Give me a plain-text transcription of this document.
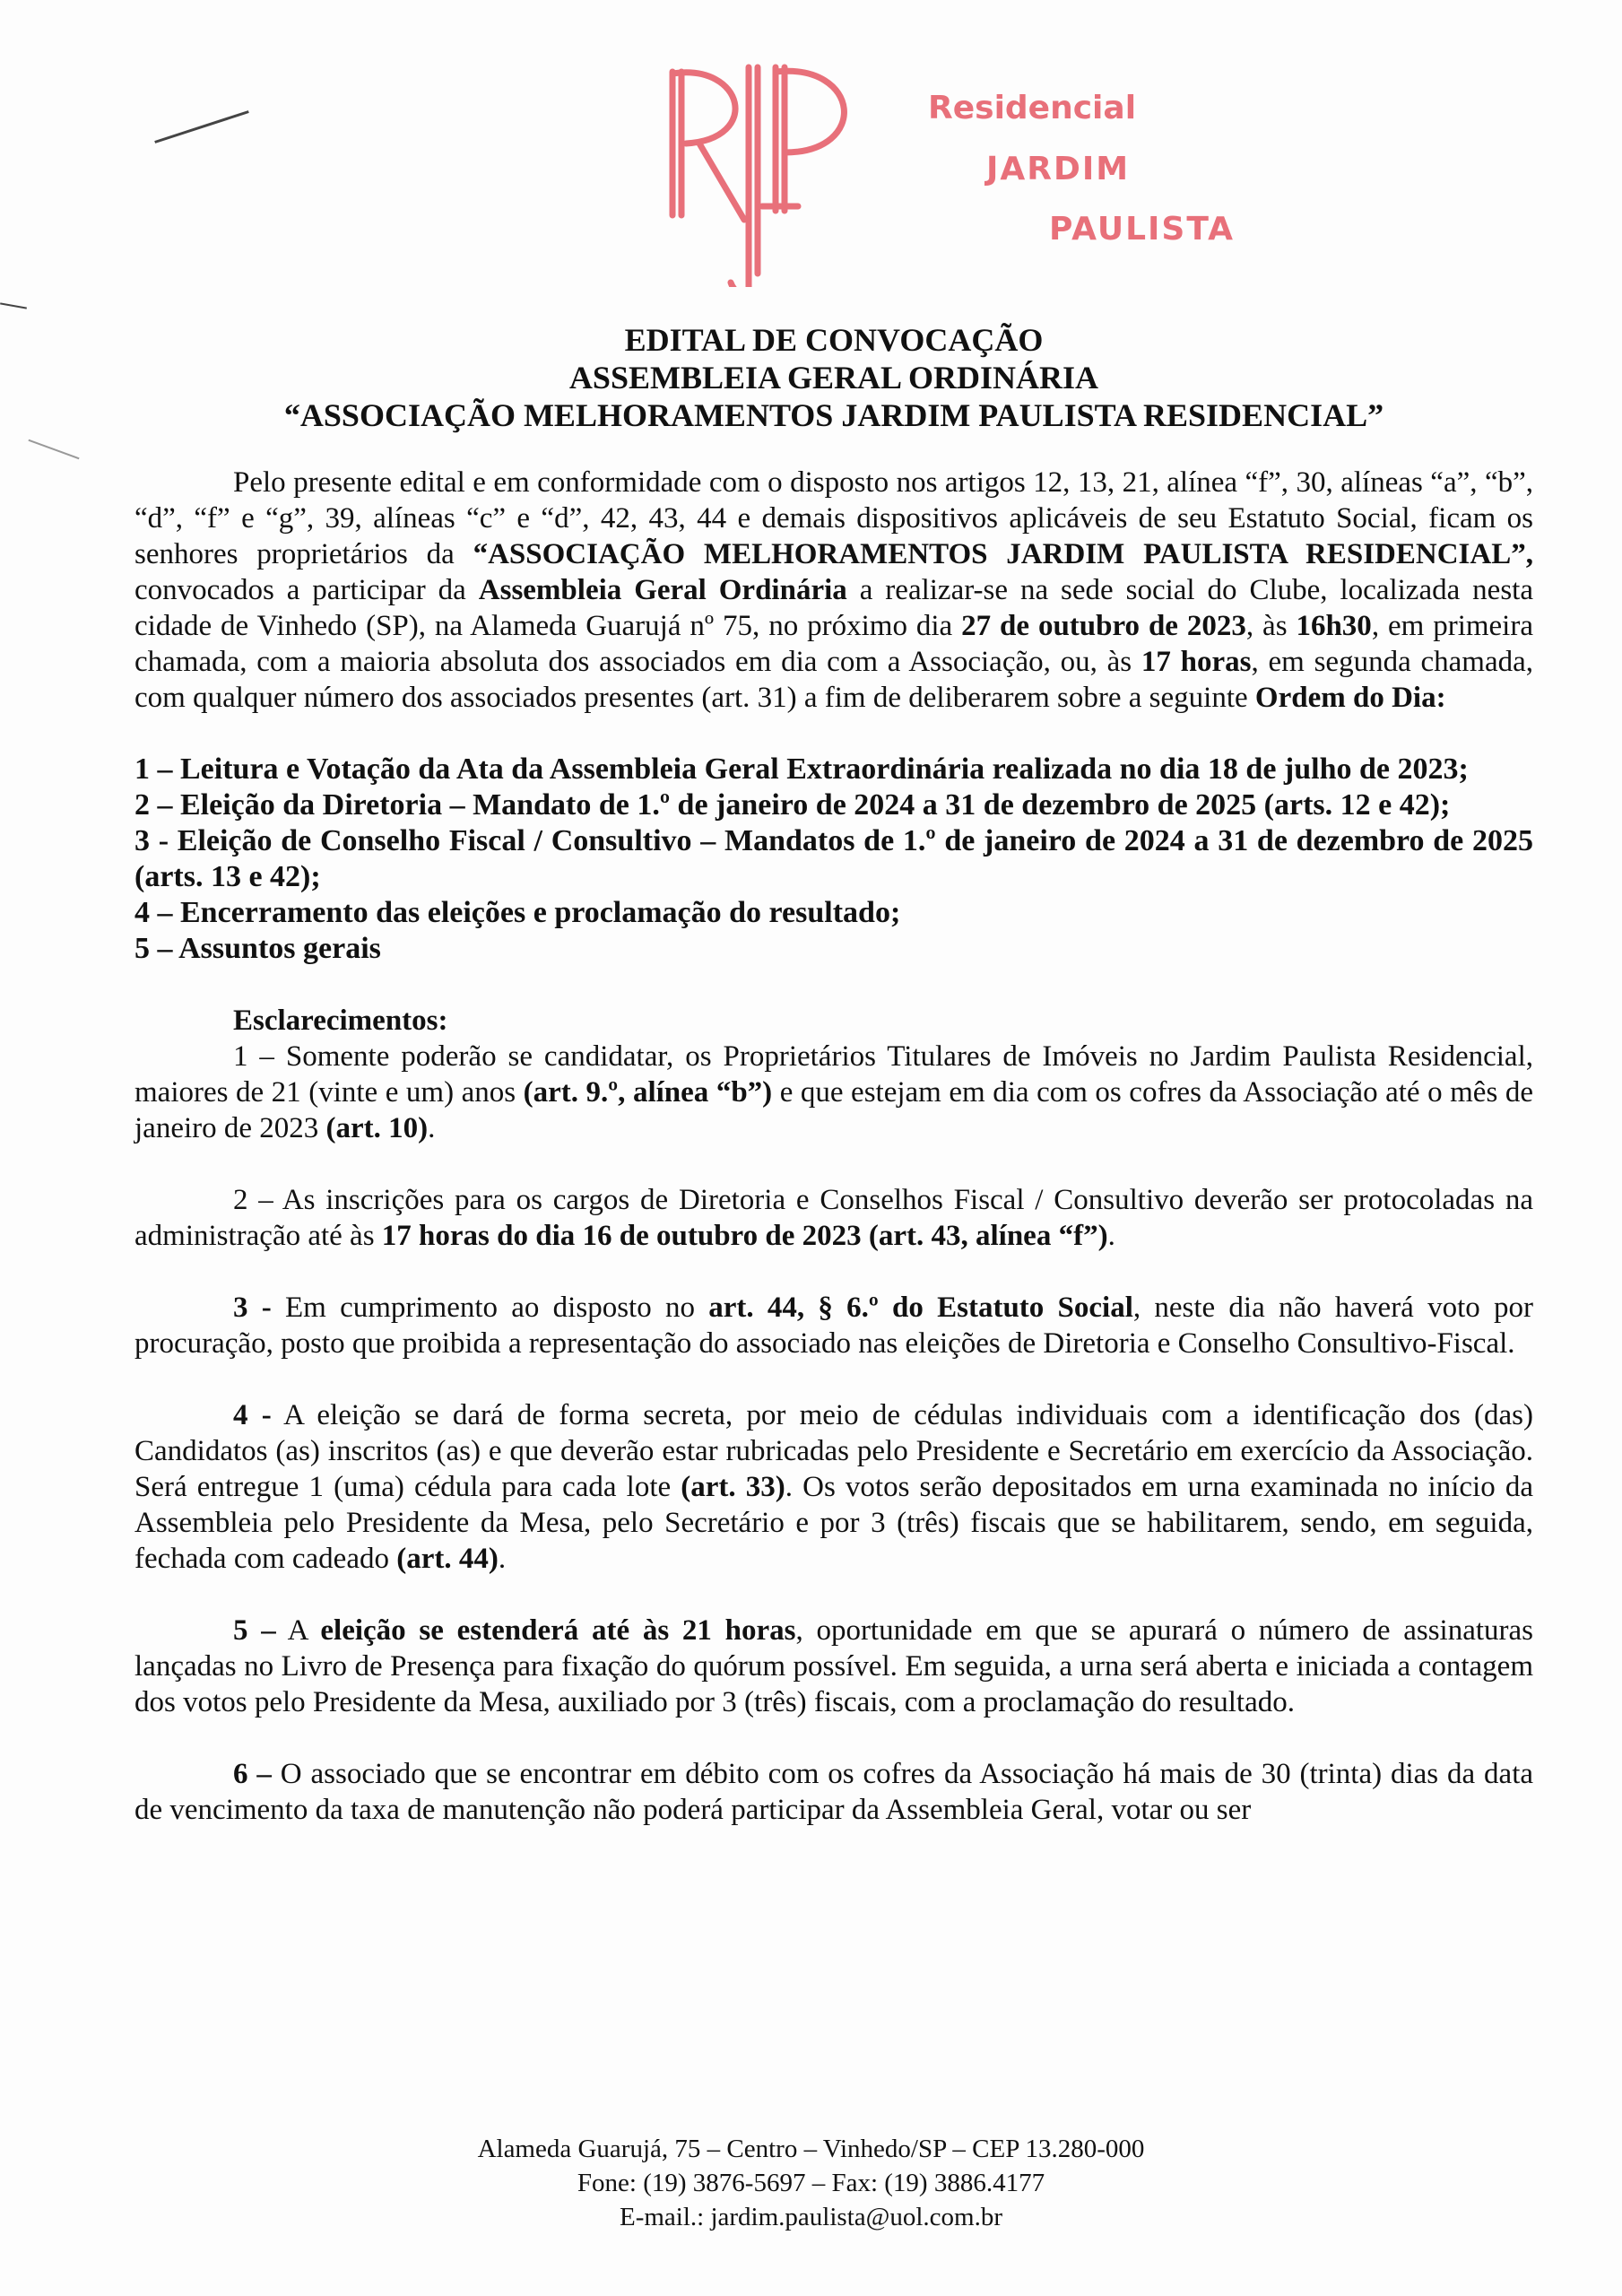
Residencial
JARDIM
PAULISTA
EDITAL DE CONVOCAÇÃO
ASSEMBLEIA GERAL ORDINÁRIA
“ASSOCIAÇÃO MELHORAMENTOS JARDIM PAULISTA RESIDENCIAL”

Pelo presente edital e em conformidade com o disposto nos artigos 12, 13, 21, alínea “f”, 30, alíneas “a”, “b”, “d”, “f” e “g”, 39, alíneas “c” e “d”, 42, 43, 44 e demais dispositivos aplicáveis de seu Estatuto Social, ficam os senhores proprietários da “ASSOCIAÇÃO MELHORAMENTOS JARDIM PAULISTA RESIDENCIAL”, convocados a participar da Assembleia Geral Ordinária a realizar-se na sede social do Clube, localizada nesta cidade de Vinhedo (SP), na Alameda Guarujá nº 75, no próximo dia 27 de outubro de 2023, às 16h30, em primeira chamada, com a maioria absoluta dos associados em dia com a Associação, ou, às 17 horas, em segunda chamada, com qualquer número dos associados presentes (art. 31) a fim de deliberarem sobre a seguinte Ordem do Dia:

1 – Leitura e Votação da Ata da Assembleia Geral Extraordinária realizada no dia 18 de julho de 2023;

2 – Eleição da Diretoria – Mandato de 1.º de janeiro de 2024 a 31 de dezembro de 2025 (arts. 12 e 42);

3 - Eleição de Conselho Fiscal / Consultivo – Mandatos de 1.º de janeiro de 2024 a 31 de dezembro de 2025 (arts. 13 e 42);

4 – Encerramento das eleições e proclamação do resultado;

5 – Assuntos gerais

Esclarecimentos:

1 – Somente poderão se candidatar, os Proprietários Titulares de Imóveis no Jardim Paulista Residencial, maiores de 21 (vinte e um) anos (art. 9.º, alínea “b”) e que estejam em dia com os cofres da Associação até o mês de janeiro de 2023 (art. 10).

2 – As inscrições para os cargos de Diretoria e Conselhos Fiscal / Consultivo deverão ser protocoladas na administração até às 17 horas do dia 16 de outubro de 2023 (art. 43, alínea “f”).

3 - Em cumprimento ao disposto no art. 44, § 6.º do Estatuto Social, neste dia não haverá voto por procuração, posto que proibida a representação do associado nas eleições de Diretoria e Conselho Consultivo-Fiscal.

4 - A eleição se dará de forma secreta, por meio de cédulas individuais com a identificação dos (das) Candidatos (as) inscritos (as) e que deverão estar rubricadas pelo Presidente e Secretário em exercício da Associação. Será entregue 1 (uma) cédula para cada lote (art. 33). Os votos serão depositados em urna examinada no início da Assembleia pelo Presidente da Mesa, pelo Secretário e por 3 (três) fiscais que se habilitarem, sendo, em seguida, fechada com cadeado (art. 44).

5 – A eleição se estenderá até às 21 horas, oportunidade em que se apurará o número de assinaturas lançadas no Livro de Presença para fixação do quórum possível. Em seguida, a urna será aberta e iniciada a contagem dos votos pelo Presidente da Mesa, auxiliado por 3 (três) fiscais, com a proclamação do resultado.

6 – O associado que se encontrar em débito com os cofres da Associação há mais de 30 (trinta) dias da data de vencimento da taxa de manutenção não poderá participar da Assembleia Geral, votar ou ser

Alameda Guarujá, 75 – Centro – Vinhedo/SP – CEP 13.280-000
Fone: (19) 3876-5697 – Fax: (19) 3886.4177
E-mail.: jardim.paulista@uol.com.br
